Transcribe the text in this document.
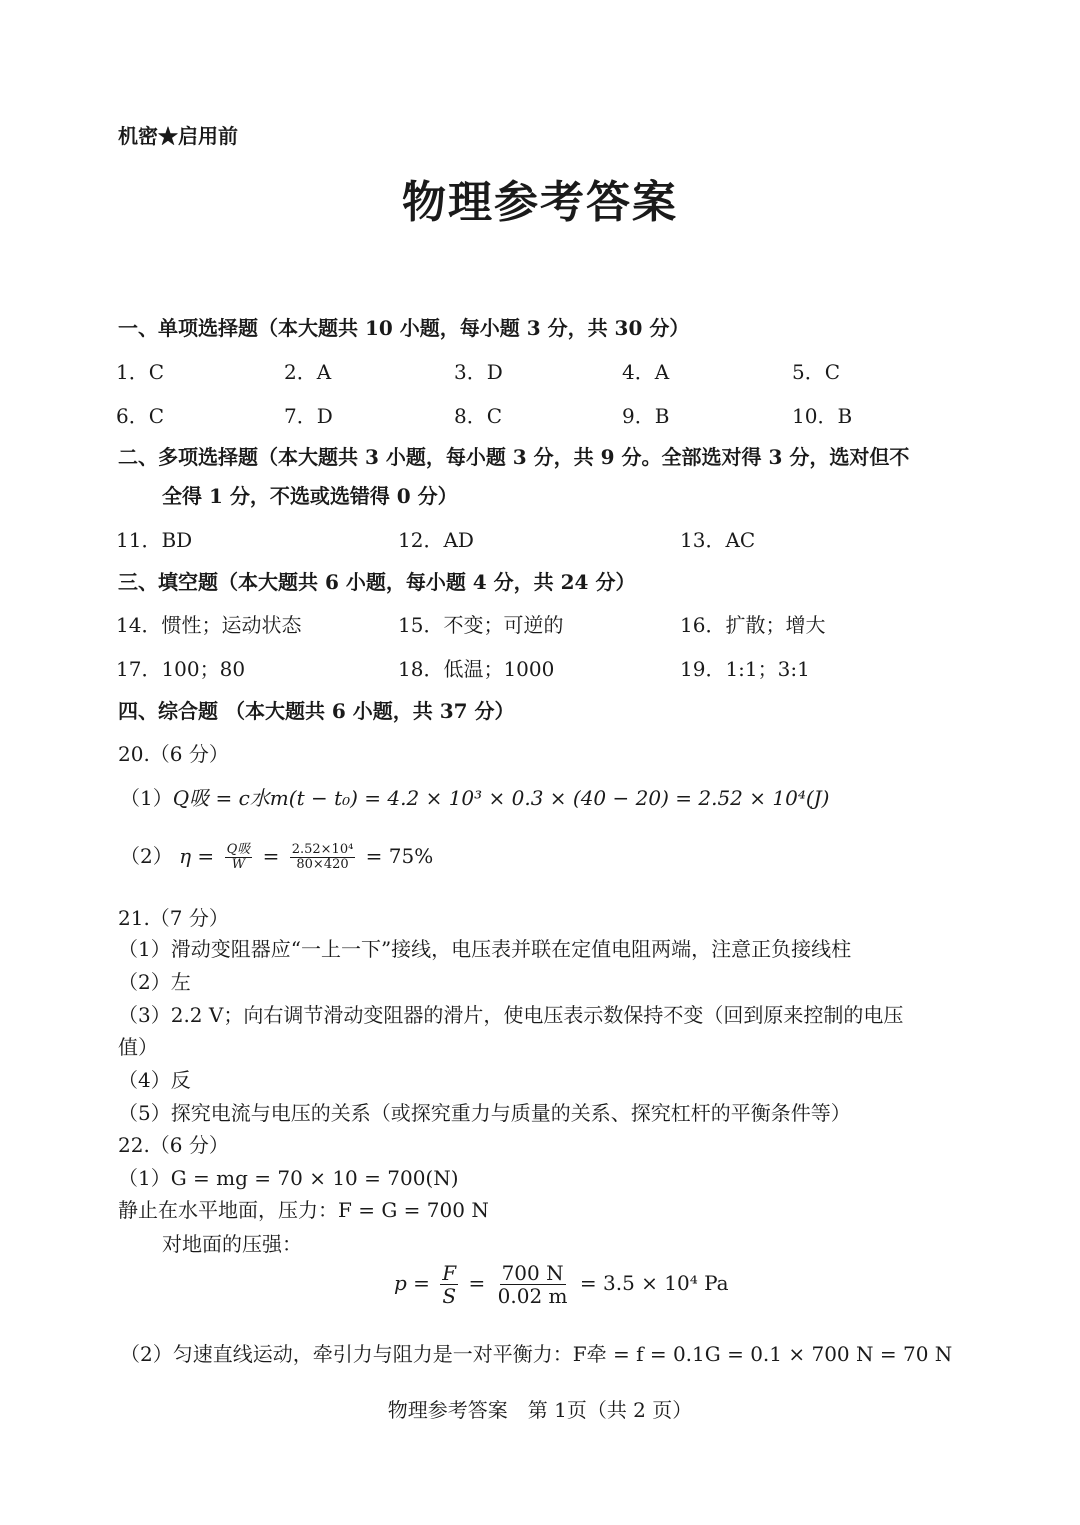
机密★启用前
物理参考答案
一、单项选择题（本大题共 10 小题，每小题 3 分，共 30 分）
1．C	2．A	3．D	4．A	5．C
6．C	7．D	8．C	9．B	10．B
二、多项选择题（本大题共 3 小题，每小题 3 分，共 9 分。全部选对得 3 分，选对但不
全得 1 分，不选或选错得 0 分）
11．BD	12．AD	13．AC
三、填空题（本大题共 6 小题，每小题 4 分，共 24 分）
14．惯性；运动状态	15．不变；可逆的	16．扩散；增大
17．100；80	18．低温；1000	19．1:1；3:1
四、综合题 （本大题共 6 小题，共 37 分）
20.（6 分）
（1）Q吸 = c水m(t − t₀) = 4.2 × 10³ × 0.3 × (40 − 20) = 2.52 × 10⁴(J)
（2） $\eta = \frac{\text{Q吸}}{W} = \frac{\text{2.52×10⁴}}{80\times 420} = 75\%$
21.（7 分）
（1）滑动变阻器应“一上一下”接线，电压表并联在定值电阻两端，注意正负接线柱
（2）左
（3）2.2 V；向右调节滑动变阻器的滑片，使电压表示数保持不变（回到原来控制的电压
值）
（4）反
（5）探究电流与电压的关系（或探究重力与质量的关系、探究杠杆的平衡条件等）
22.（6 分）
（1）G = mg = 70 × 10 = 700(N)
静止在水平地面，压力：F = G = 700 N
对地面的压强：
$p = \frac{F}{S} = \frac{700 N}{0.02 m} = 3.5 \times 10^4$ Pa
（2）匀速直线运动，牵引力与阻力是一对平衡力：F牵 = f = 0.1G = 0.1 × 700 N = 70 N
物理参考答案　第 1页（共 2 页）
